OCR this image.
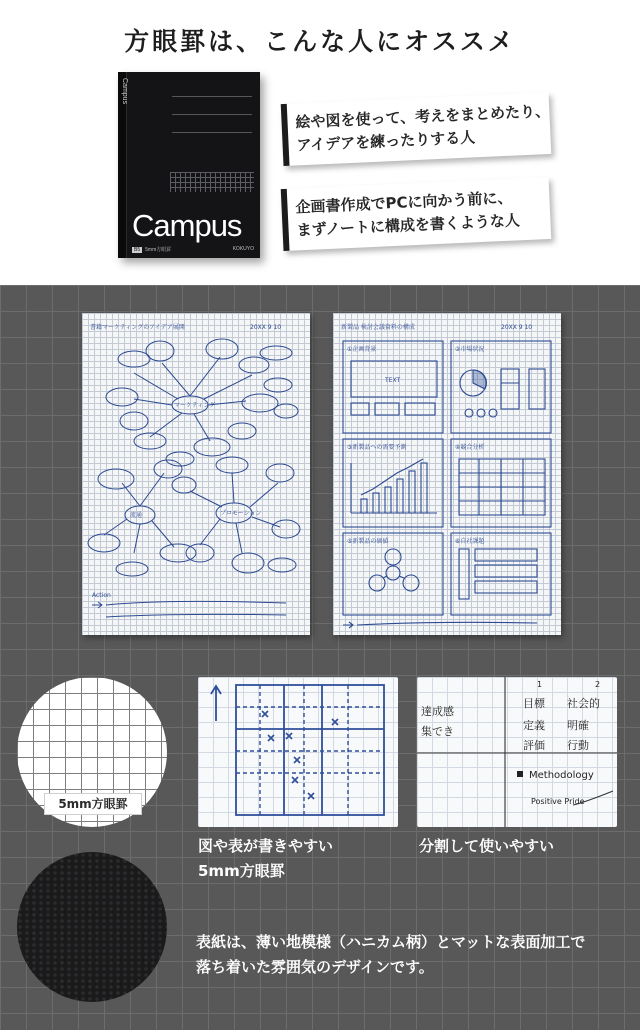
方眼罫は、こんな人にオススメ
Campus
Campus
B5 5mm方眼罫	KOKUYO
絵や図を使って、考えをまとめたり、
アイデアを練ったりする人
企画書作成でPCに向かう前に、
まずノートに構成を書くような人
書籍マーケティングのアイデア展開	20XX 9 10
マーケティング
流通	プロモーション
Action
新製品 検討会議資料の構成	20XX 9 10
①企画背景	②市場状況
③新製品への需要予測	④競合分析
⑤新製品の価値	⑥自社課題
TEXT
5mm方眼罫
1	2
目標 社会的
定義 明確
評価 行動
達成感
集でき
Methodology
Positive Pride
図や表が書きやすい
5mm方眼罫
分割して使いやすい
表紙は、薄い地模様（ハニカム柄）とマットな表面加工で
落ち着いた雰囲気のデザインです。
